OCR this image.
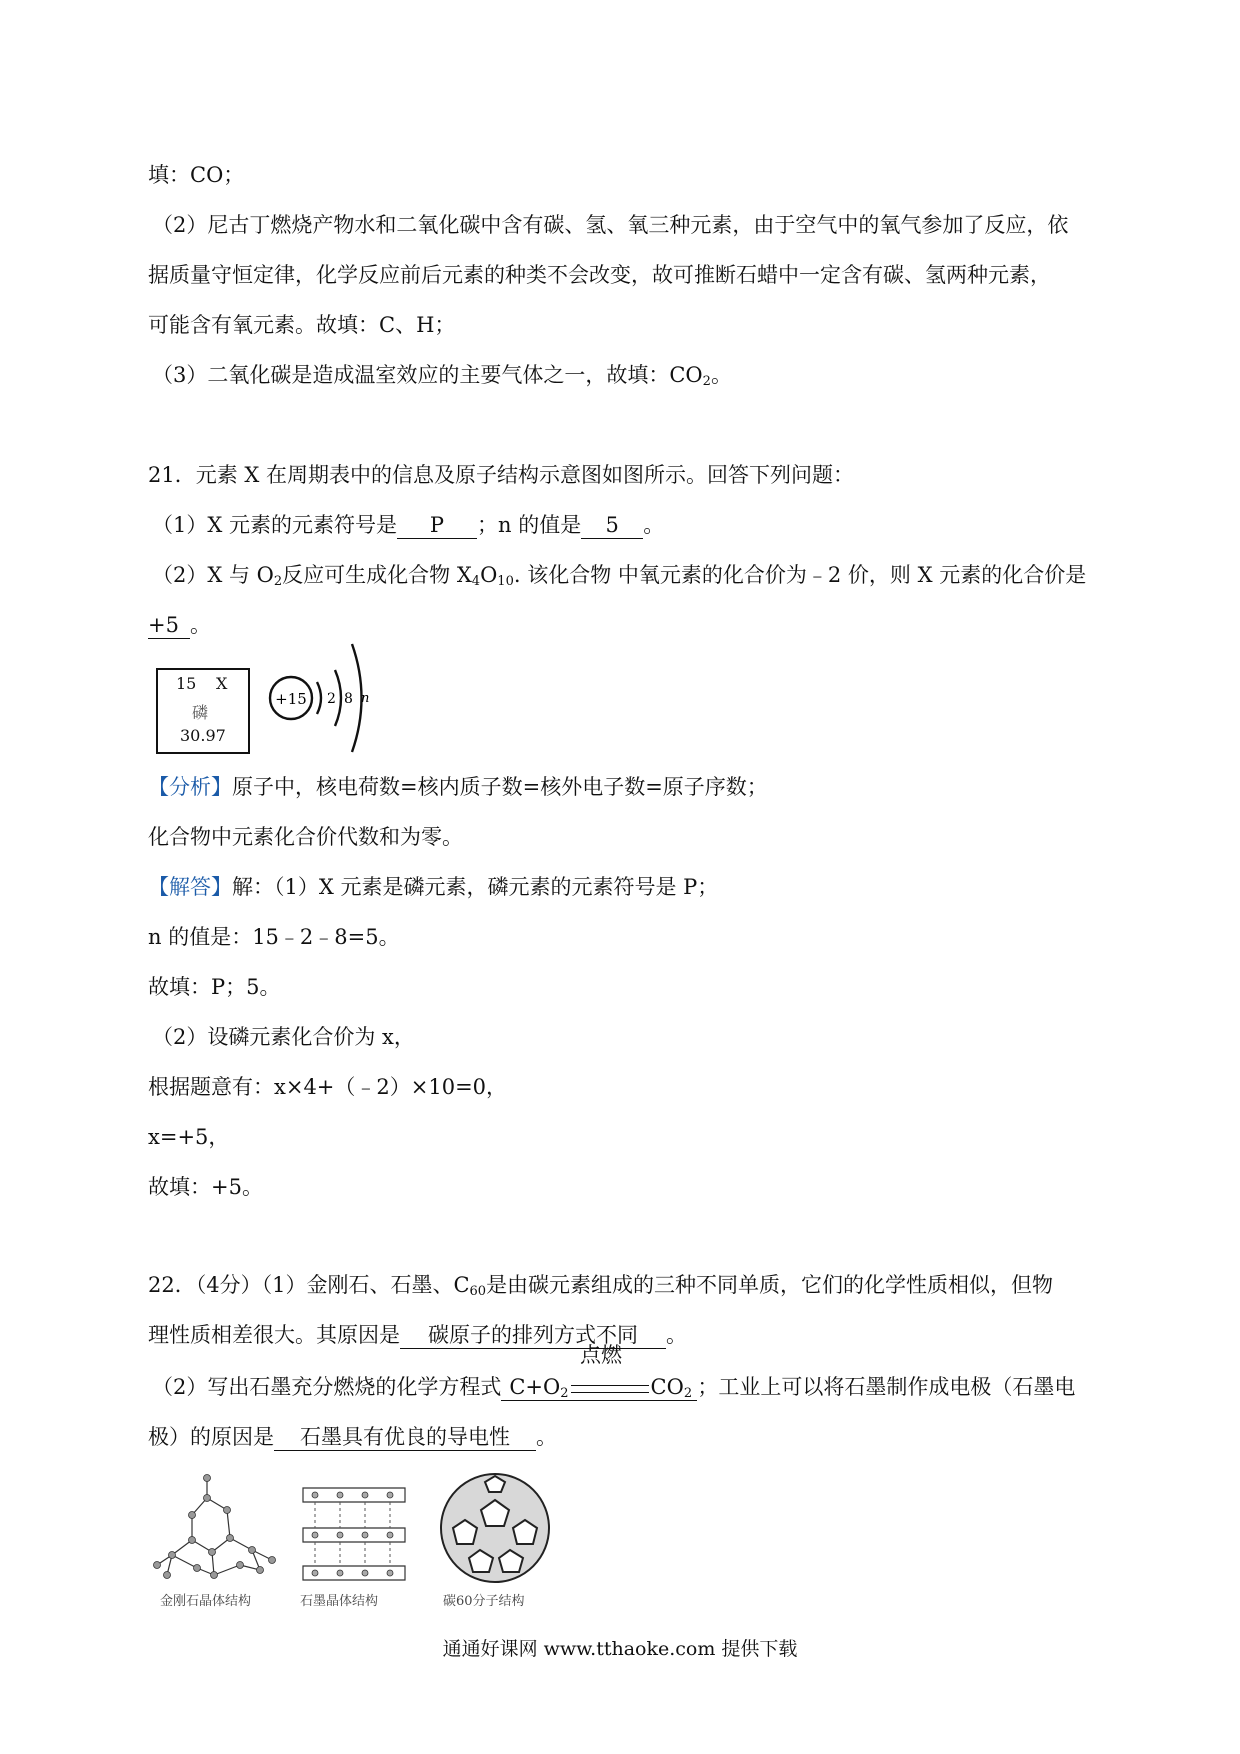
填：CO；
（2）尼古丁燃烧产物水和二氧化碳中含有碳、氢、氧三种元素，由于空气中的氧气参加了反应，依
据质量守恒定律，化学反应前后元素的种类不会改变，故可推断石蜡中一定含有碳、氢两种元素，
可能含有氧元素。故填：C、H；
（3）二氧化碳是造成温室效应的主要气体之一，故填：$CO_2$。
21．元素 X 在周期表中的信息及原子结构示意图如图所示。回答下列问题：
（1）X 元素的元素符号是 P ；n 的值是 5 。
（2）X 与 $O_2$反应可生成化合物 $X_4O_{10}$. 该化合物 中氧元素的化合价为﹣2 价，则 X 元素的化合价是
+5 。
15 X
磷
30.97
+15 2 8 n
【分析】原子中，核电荷数=核内质子数=核外电子数=原子序数；
化合物中元素化合价代数和为零。
【解答】解：（1）X 元素是磷元素，磷元素的元素符号是 P；
n 的值是：15﹣2﹣8=5。
故填：P；5。
（2）设磷元素化合价为 x，
根据题意有：x×4+（﹣2）×10=0，
x=+5，
故填：+5。
22．（4分）（1）金刚石、石墨、$C_{60}$是由碳元素组成的三种不同单质，它们的化学性质相似，但物
理性质相差很大。其原因是 碳原子的排列方式不同 。
点燃
（2）写出石墨充分燃烧的化学方程式 $C+O_2$	$CO_2$ ；工业上可以将石墨制作成电极（石墨电
极）的原因是 石墨具有优良的导电性 。
金刚石晶体结构	石墨晶体结构	碳60分子结构
通通好课网 www.tthaoke.com 提供下载
